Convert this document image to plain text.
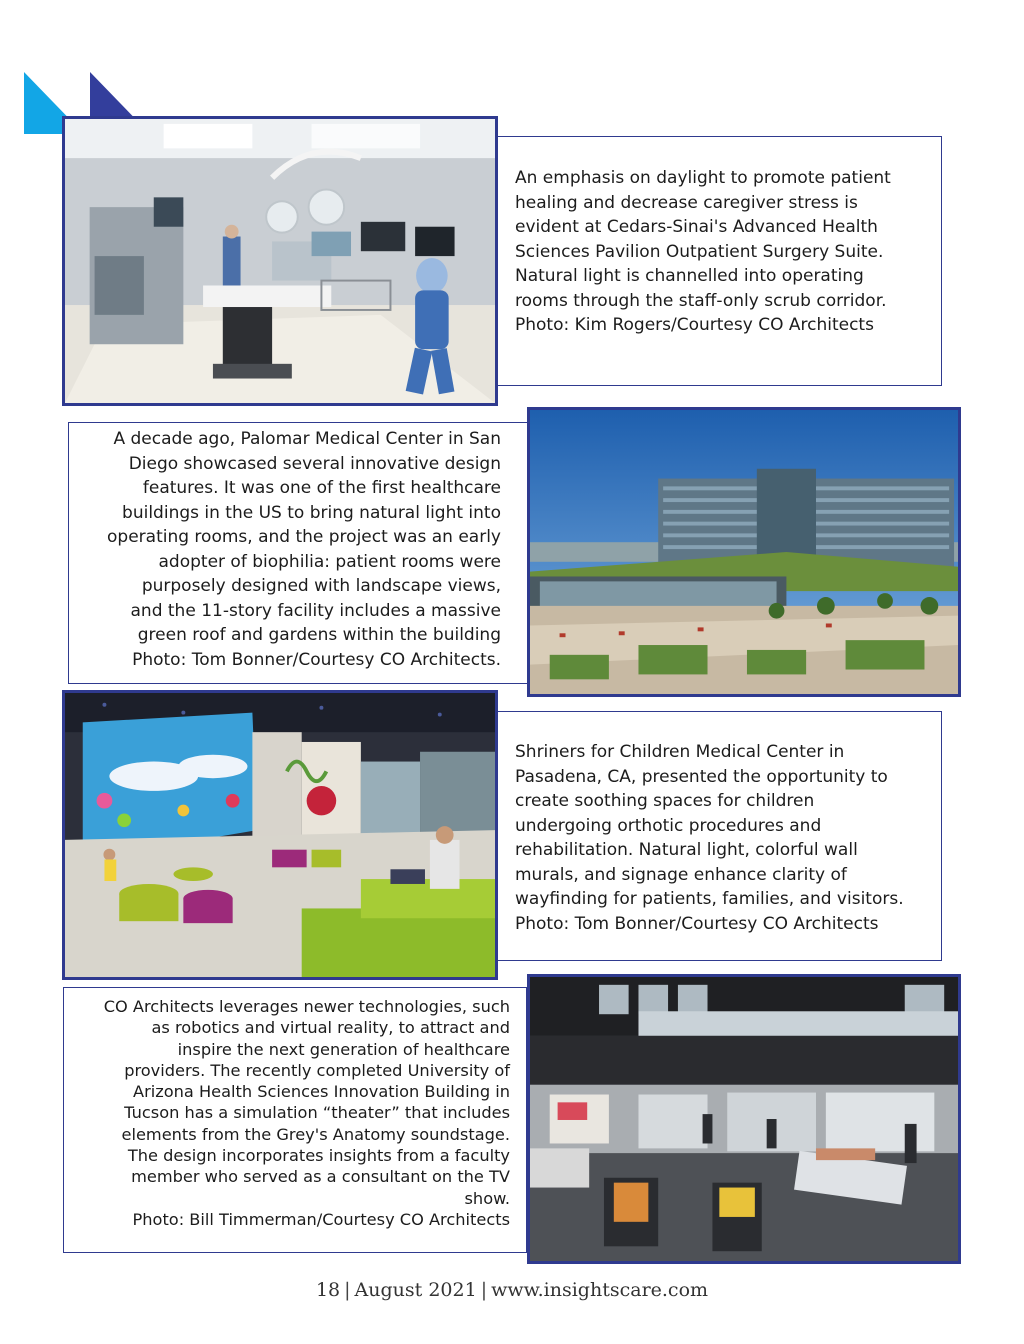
An emphasis on daylight to promote patient
healing and decrease caregiver stress is
evident at Cedars-Sinai's Advanced Health
Sciences Pavilion Outpatient Surgery Suite.
Natural light is channelled into operating
rooms through the staff-only scrub corridor.
Photo: Kim Rogers/Courtesy CO Architects
A decade ago, Palomar Medical Center in San
Diego showcased several innovative design
features. It was one of the first healthcare
buildings in the US to bring natural light into
operating rooms, and the project was an early
adopter of biophilia: patient rooms were
purposely designed with landscape views,
and the 11-story facility includes a massive
green roof and gardens within the building
Photo: Tom Bonner/Courtesy CO Architects.
Shriners for Children Medical Center in
Pasadena, CA, presented the opportunity to
create soothing spaces for children
undergoing orthotic procedures and
rehabilitation. Natural light, colorful wall
murals, and signage enhance clarity of
wayfinding for patients, families, and visitors.
Photo: Tom Bonner/Courtesy CO Architects
CO Architects leverages newer technologies, such
as robotics and virtual reality, to attract and
inspire the next generation of healthcare
providers. The recently completed University of
Arizona Health Sciences Innovation Building in
Tucson has a simulation “theater” that includes
elements from the Grey's Anatomy soundstage.
The design incorporates insights from a faculty
member who served as a consultant on the TV
show.
Photo: Bill Timmerman/Courtesy CO Architects
18 | August 2021 | www.insightscare.com
